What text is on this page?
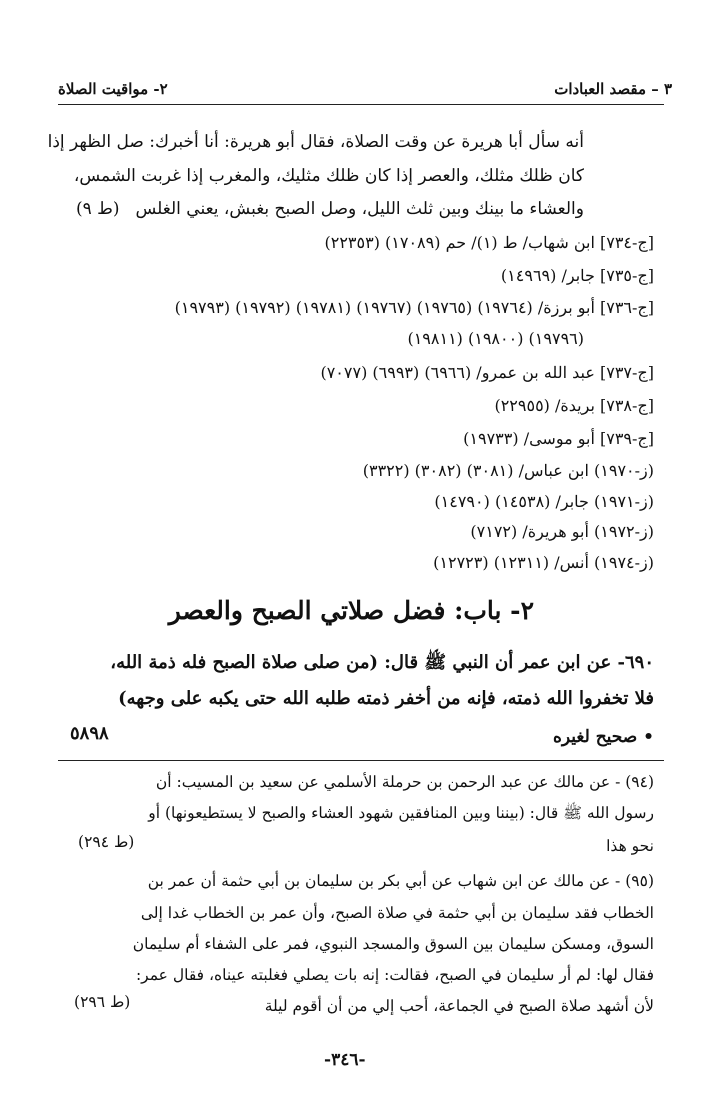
٣ – مقصد العبادات
٢- مواقيت الصلاة
أنه سأل أبا هريرة عن وقت الصلاة، فقال أبو هريرة: أنا أخبرك: صل الظهر إذا
كان ظلك مثلك، والعصر إذا كان ظلك مثليك، والمغرب إذا غربت الشمس،
والعشاء ما بينك وبين ثلث الليل، وصل الصبح بغبش، يعني الغلس
(ط ٩)
[ج-٧٣٤] ابن شهاب/ ط (١)/ حم (١٧٠٨٩) (٢٢٣٥٣)
[ج-٧٣٥] جابر/ (١٤٩٦٩)
[ج-٧٣٦] أبو برزة/ (١٩٧٦٤) (١٩٧٦٥) (١٩٧٦٧) (١٩٧٨١) (١٩٧٩٢) (١٩٧٩٣)
(١٩٧٩٦) (١٩٨٠٠) (١٩٨١١)
[ج-٧٣٧] عبد الله بن عمرو/ (٦٩٦٦) (٦٩٩٣) (٧٠٧٧)
[ج-٧٣٨] بريدة/ (٢٢٩٥٥)
[ج-٧٣٩] أبو موسى/ (١٩٧٣٣)
(ز-١٩٧٠) ابن عباس/ (٣٠٨١) (٣٠٨٢) (٣٣٢٢)
(ز-١٩٧١) جابر/ (١٤٥٣٨) (١٤٧٩٠)
(ز-١٩٧٢) أبو هريرة/ (٧١٧٢)
(ز-١٩٧٤) أنس/ (١٢٣١١) (١٢٧٢٣)
٢- باب: فضل صلاتي الصبح والعصر
٦٩٠- عن ابن عمر أن النبي ﷺ قال: (من صلى صلاة الصبح فله ذمة الله،
فلا تخفروا الله ذمته، فإنه من أخفر ذمته طلبه الله حتى يكبه على وجهه)
• صحيح لغيره
٥٨٩٨
(٩٤) - عن مالك عن عبد الرحمن بن حرملة الأسلمي عن سعيد بن المسيب: أن
رسول الله ﷺ قال: (بيننا وبين المنافقين شهود العشاء والصبح لا يستطيعونها) أو
نحو هذا
(ط ٢٩٤)
(٩٥) - عن مالك عن ابن شهاب عن أبي بكر بن سليمان بن أبي حثمة أن عمر بن
الخطاب فقد سليمان بن أبي حثمة في صلاة الصبح، وأن عمر بن الخطاب غدا إلى
السوق، ومسكن سليمان بين السوق والمسجد النبوي، فمر على الشفاء أم سليمان
فقال لها: لم أر سليمان في الصبح، فقالت: إنه بات يصلي فغلبته عيناه، فقال عمر:
لأن أشهد صلاة الصبح في الجماعة، أحب إلي من أن أقوم ليلة
(ط ٢٩٦)
-٣٤٦-
